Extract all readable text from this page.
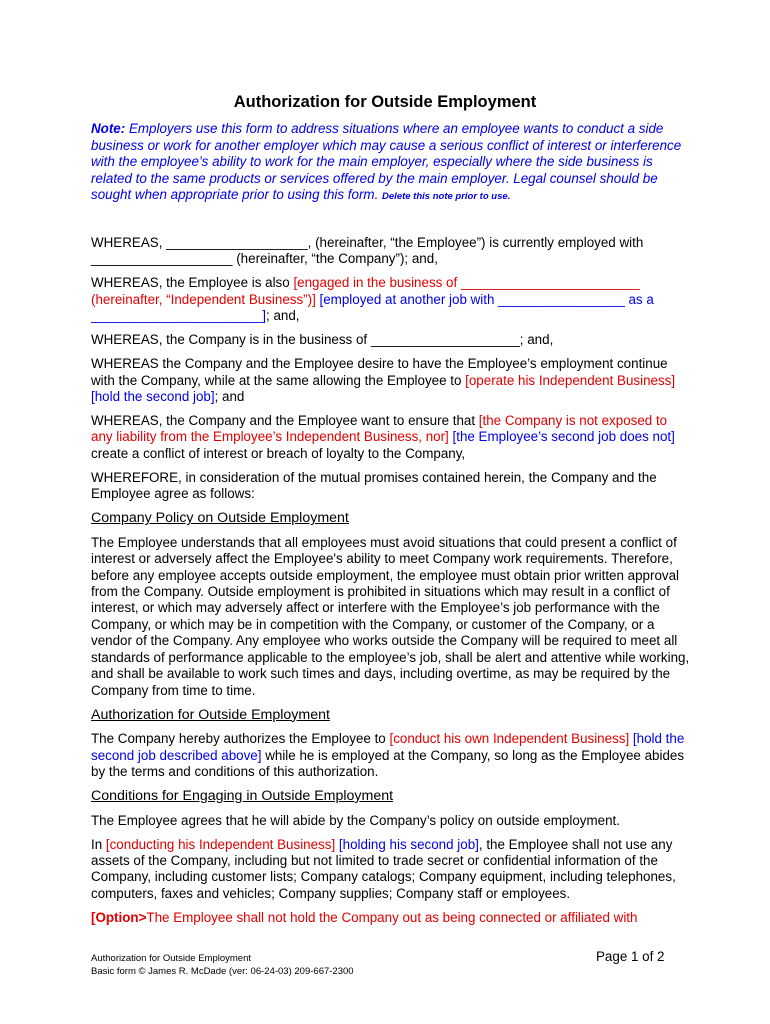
Authorization for Outside Employment
Note: Employers use this form to address situations where an employee wants to conduct a side business or work for another employer which may cause a serious conflict of interest or interference with the employee’s ability to work for the main employer, especially where the side business is related to the same products or services offered by the main employer. Legal counsel should be sought when appropriate prior to using this form. Delete this note prior to use.

WHEREAS, ___________________, (hereinafter, “the Employee”) is currently employed with ___________________ (hereinafter, “the Company”); and,

WHEREAS, the Employee is also [engaged in the business of ________________________ (hereinafter, “Independent Business”)] [employed at another job with _________________ as a _______________________]; and,

WHEREAS, the Company is in the business of ____________________; and,

WHEREAS the Company and the Employee desire to have the Employee’s employment continue with the Company, while at the same allowing the Employee to [operate his Independent Business] [hold the second job]; and

WHEREAS, the Company and the Employee want to ensure that [the Company is not exposed to any liability from the Employee’s Independent Business, nor] [the Employee’s second job does not] create a conflict of interest or breach of loyalty to the Company,

WHEREFORE, in consideration of the mutual promises contained herein, the Company and the Employee agree as follows:

Company Policy on Outside Employment

The Employee understands that all employees must avoid situations that could present a conflict of interest or adversely affect the Employee's ability to meet Company work requirements. Therefore, before any employee accepts outside employment, the employee must obtain prior written approval from the Company. Outside employment is prohibited in situations which may result in a conflict of interest, or which may adversely affect or interfere with the Employee’s job performance with the Company, or which may be in competition with the Company, or customer of the Company, or a vendor of the Company. Any employee who works outside the Company will be required to meet all standards of performance applicable to the employee’s job, shall be alert and attentive while working, and shall be available to work such times and days, including overtime, as may be required by the Company from time to time.

Authorization for Outside Employment

The Company hereby authorizes the Employee to [conduct his own Independent Business] [hold the second job described above] while he is employed at the Company, so long as the Employee abides by the terms and conditions of this authorization.

Conditions for Engaging in Outside Employment

The Employee agrees that he will abide by the Company’s policy on outside employment.

In [conducting his Independent Business] [holding his second job], the Employee shall not use any assets of the Company, including but not limited to trade secret or confidential information of the Company, including customer lists; Company catalogs; Company equipment, including telephones, computers, faxes and vehicles; Company supplies; Company staff or employees.

[Option>The Employee shall not hold the Company out as being connected or affiliated with

Authorization for Outside Employment
Basic form © James R. McDade (ver: 06-24-03) 209-667-2300
Page 1 of 2
